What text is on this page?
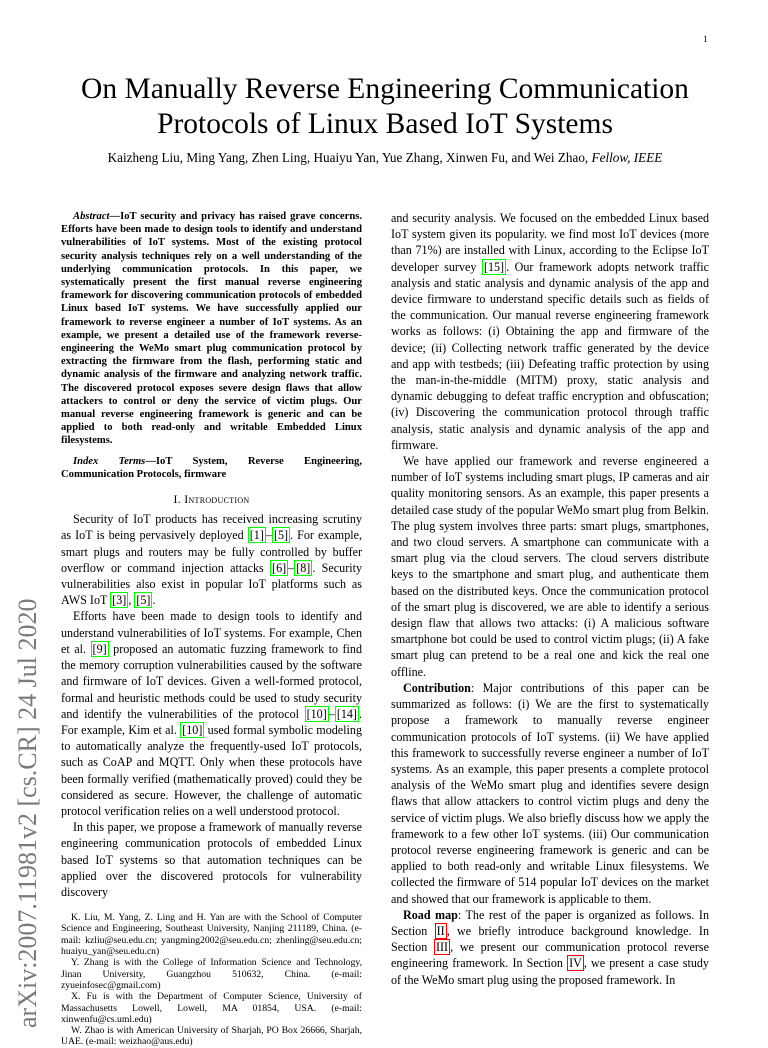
1
arXiv:2007.11981v2 [cs.CR] 24 Jul 2020
On Manually Reverse Engineering Communication Protocols of Linux Based IoT Systems
Kaizheng Liu, Ming Yang, Zhen Ling, Huaiyu Yan, Yue Zhang, Xinwen Fu, and Wei Zhao, Fellow, IEEE

Abstract—IoT security and privacy has raised grave concerns. Efforts have been made to design tools to identify and understand vulnerabilities of IoT systems. Most of the existing protocol security analysis techniques rely on a well understanding of the underlying communication protocols. In this paper, we systematically present the first manual reverse engineering framework for discovering communication protocols of embedded Linux based IoT systems. We have successfully applied our framework to reverse engineer a number of IoT systems. As an example, we present a detailed use of the framework reverse-engineering the WeMo smart plug communication protocol by extracting the firmware from the flash, performing static and dynamic analysis of the firmware and analyzing network traffic. The discovered protocol exposes severe design flaws that allow attackers to control or deny the service of victim plugs. Our manual reverse engineering framework is generic and can be applied to both read-only and writable Embedded Linux filesystems.

Index Terms—IoT System, Reverse Engineering, Communication Protocols, firmware

I. Introduction

Security of IoT products has received increasing scrutiny as IoT is being pervasively deployed [1] – [5] . For example, smart plugs and routers may be fully controlled by buffer overflow or command injection attacks [6] – [8] . Security vulnerabilities also exist in popular IoT platforms such as AWS IoT [3] , [5] .

Efforts have been made to design tools to identify and understand vulnerabilities of IoT systems. For example, Chen et al. [9] proposed an automatic fuzzing framework to find the memory corruption vulnerabilities caused by the software and firmware of IoT devices. Given a well-formed protocol, formal and heuristic methods could be used to study security and identify the vulnerabilities of the protocol [10] – [14] . For example, Kim et al. [10] used formal symbolic modeling to automatically analyze the frequently-used IoT protocols, such as CoAP and MQTT. Only when these protocols have been formally verified (mathematically proved) could they be considered as secure. However, the challenge of automatic protocol verification relies on a well understood protocol.

In this paper, we propose a framework of manually reverse engineering communication protocols of embedded Linux based IoT systems so that automation techniques can be applied over the discovered protocols for vulnerability discovery

K. Liu, M. Yang, Z. Ling and H. Yan are with the School of Computer Science and Engineering, Southeast University, Nanjing 211189, China. (e-mail: kzliu@seu.edu.cn; yangming2002@seu.edu.cn; zhenling@seu.edu.cn; huaiyu_yan@seu.edu.cn)

Y. Zhang is with the College of Information Science and Technology, Jinan University, Guangzhou 510632, China. (e-mail: zyueinfosec@gmail.com)

X. Fu is with the Department of Computer Science, University of Massachusetts Lowell, Lowell, MA 01854, USA. (e-mail: xinwenfu@cs.uml.edu)

W. Zhao is with American University of Sharjah, PO Box 26666, Sharjah, UAE. (e-mail: weizhao@aus.edu)

and security analysis. We focused on the embedded Linux based IoT system given its popularity. we find most IoT devices (more than 71%) are installed with Linux, according to the Eclipse IoT developer survey [15] . Our framework adopts network traffic analysis and static analysis and dynamic analysis of the app and device firmware to understand specific details such as fields of the communication. Our manual reverse engineering framework works as follows: (i) Obtaining the app and firmware of the device; (ii) Collecting network traffic generated by the device and app with testbeds; (iii) Defeating traffic protection by using the man-in-the-middle (MITM) proxy, static analysis and dynamic debugging to defeat traffic encryption and obfuscation; (iv) Discovering the communication protocol through traffic analysis, static analysis and dynamic analysis of the app and firmware.

We have applied our framework and reverse engineered a number of IoT systems including smart plugs, IP cameras and air quality monitoring sensors. As an example, this paper presents a detailed case study of the popular WeMo smart plug from Belkin. The plug system involves three parts: smart plugs, smartphones, and two cloud servers. A smartphone can communicate with a smart plug via the cloud servers. The cloud servers distribute keys to the smartphone and smart plug, and authenticate them based on the distributed keys. Once the communication protocol of the smart plug is discovered, we are able to identify a serious design flaw that allows two attacks: (i) A malicious software smartphone bot could be used to control victim plugs; (ii) A fake smart plug can pretend to be a real one and kick the real one offline.

Contribution: Major contributions of this paper can be summarized as follows: (i) We are the first to systematically propose a framework to manually reverse engineer communication protocols of IoT systems. (ii) We have applied this framework to successfully reverse engineer a number of IoT systems. As an example, this paper presents a complete protocol analysis of the WeMo smart plug and identifies severe design flaws that allow attackers to control victim plugs and deny the service of victim plugs. We also briefly discuss how we apply the framework to a few other IoT systems. (iii) Our communication protocol reverse engineering framework is generic and can be applied to both read-only and writable Linux filesystems. We collected the firmware of 514 popular IoT devices on the market and showed that our framework is applicable to them.

Road map: The rest of the paper is organized as follows. In Section II , we briefly introduce background knowledge. In Section III , we present our communication protocol reverse engineering framework. In Section IV , we present a case study of the WeMo smart plug using the proposed framework. In
